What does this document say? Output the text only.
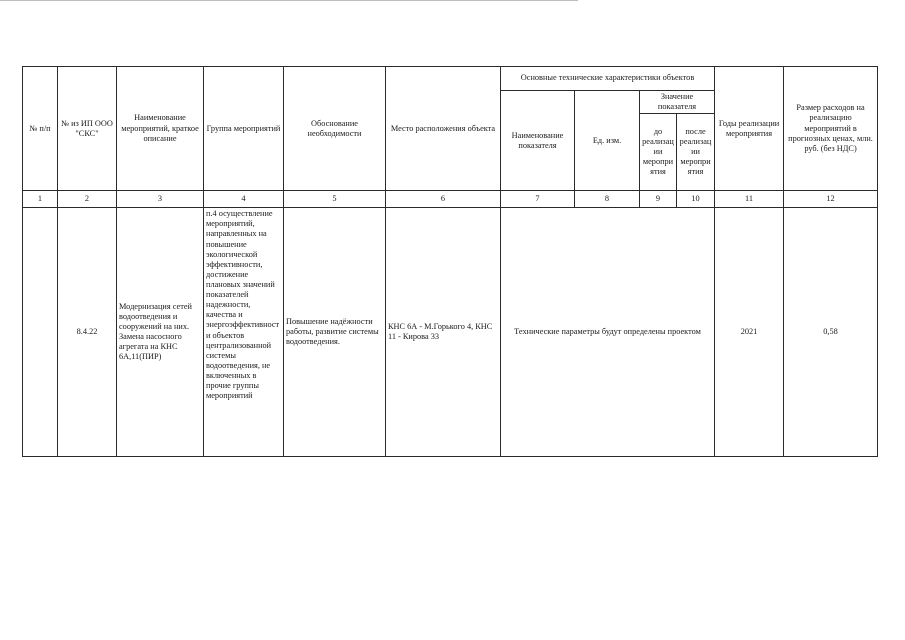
№ п/п	№ из ИП ООО "СКС"	Наименование мероприятий, краткое описание	Группа мероприятий	Обоснование необходимости	Место расположения объекта	Основные технические характеристики объектов				Годы реализации мероприятия	Размер расходов на реализацию мероприятий в прогнозных ценах, млн. руб. (без НДС)
						Наименование показателя	Ед. изм.	Значение показателя			
								до реализации мероприятия	после реализации мероприятия		
1	2	3	4	5	6	7	8	9	10	11	12
	8.4.22	Модернизация сетей водоотведения и сооружений на них. Замена насосного агрегата на КНС 6А,11(ПИР)	п.4 осуществление мероприятий, направленных на повышение экологической эффективности, достижение плановых значений показателей надежности, качества и энергоэффективности объектов централизованной системы водоотведения, не включенных в прочие группы мероприятий	Повышение надёжности работы, развитие системы водоотведения.	КНС 6А - М.Горького 4, КНС 11 - Кирова 33	Технические параметры будут определены проектом				2021	0,58
